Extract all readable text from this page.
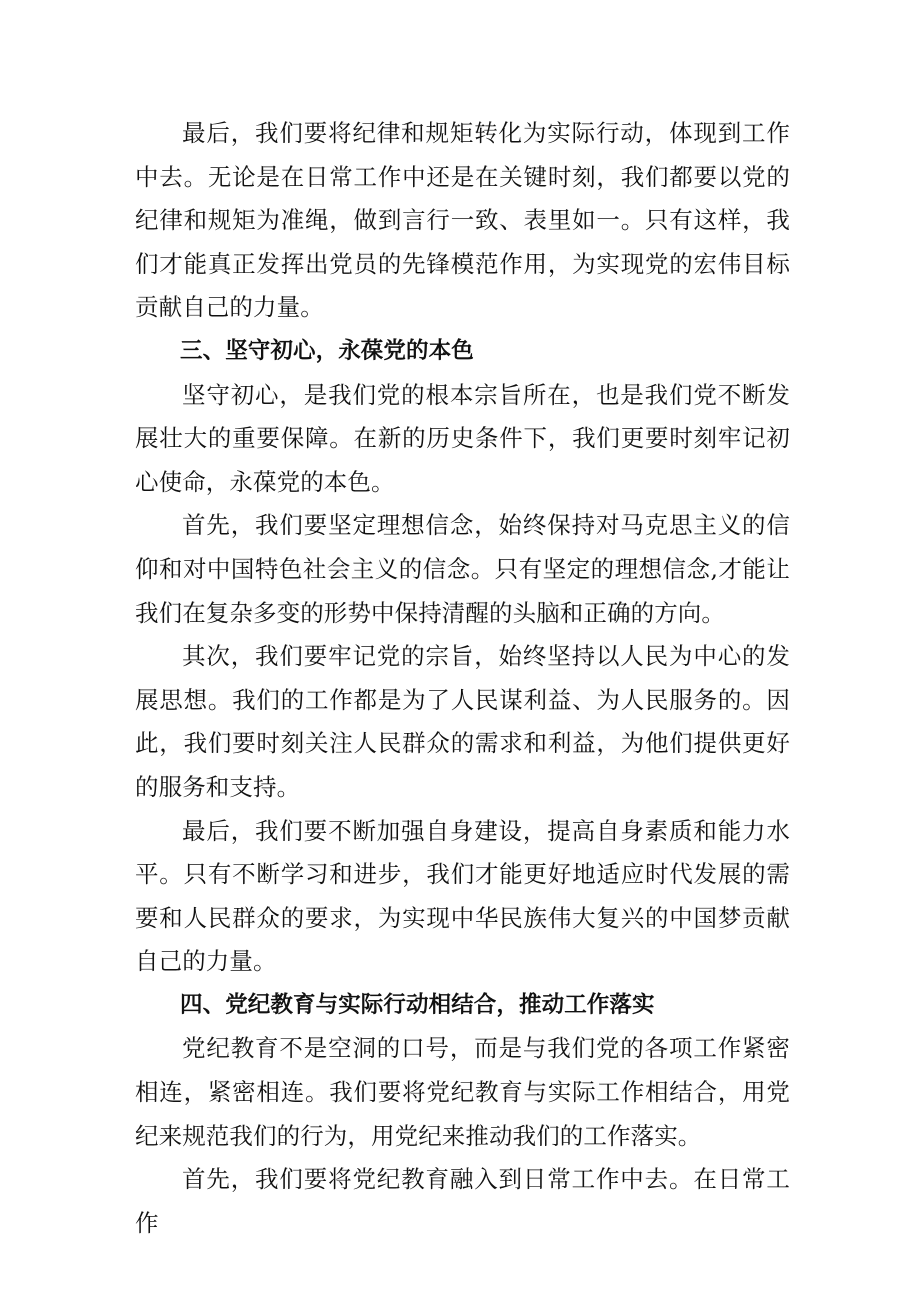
最后，我们要将纪律和规矩转化为实际行动，体现到工作中去。无论是在日常工作中还是在关键时刻，我们都要以党的纪律和规矩为准绳，做到言行一致、表里如一。只有这样，我们才能真正发挥出党员的先锋模范作用，为实现党的宏伟目标贡献自己的力量。

三、坚守初心，永葆党的本色

坚守初心，是我们党的根本宗旨所在，也是我们党不断发展壮大的重要保障。在新的历史条件下，我们更要时刻牢记初心使命，永葆党的本色。

首先，我们要坚定理想信念，始终保持对马克思主义的信仰和对中国特色社会主义的信念。只有坚定的理想信念,才能让我们在复杂多变的形势中保持清醒的头脑和正确的方向。

其次，我们要牢记党的宗旨，始终坚持以人民为中心的发展思想。我们的工作都是为了人民谋利益、为人民服务的。因此，我们要时刻关注人民群众的需求和利益，为他们提供更好的服务和支持。

最后，我们要不断加强自身建设，提高自身素质和能力水平。只有不断学习和进步，我们才能更好地适应时代发展的需要和人民群众的要求，为实现中华民族伟大复兴的中国梦贡献自己的力量。

四、党纪教育与实际行动相结合，推动工作落实

党纪教育不是空洞的口号，而是与我们党的各项工作紧密相连，紧密相连。我们要将党纪教育与实际工作相结合，用党纪来规范我们的行为，用党纪来推动我们的工作落实。

首先，我们要将党纪教育融入到日常工作中去。在日常工作
